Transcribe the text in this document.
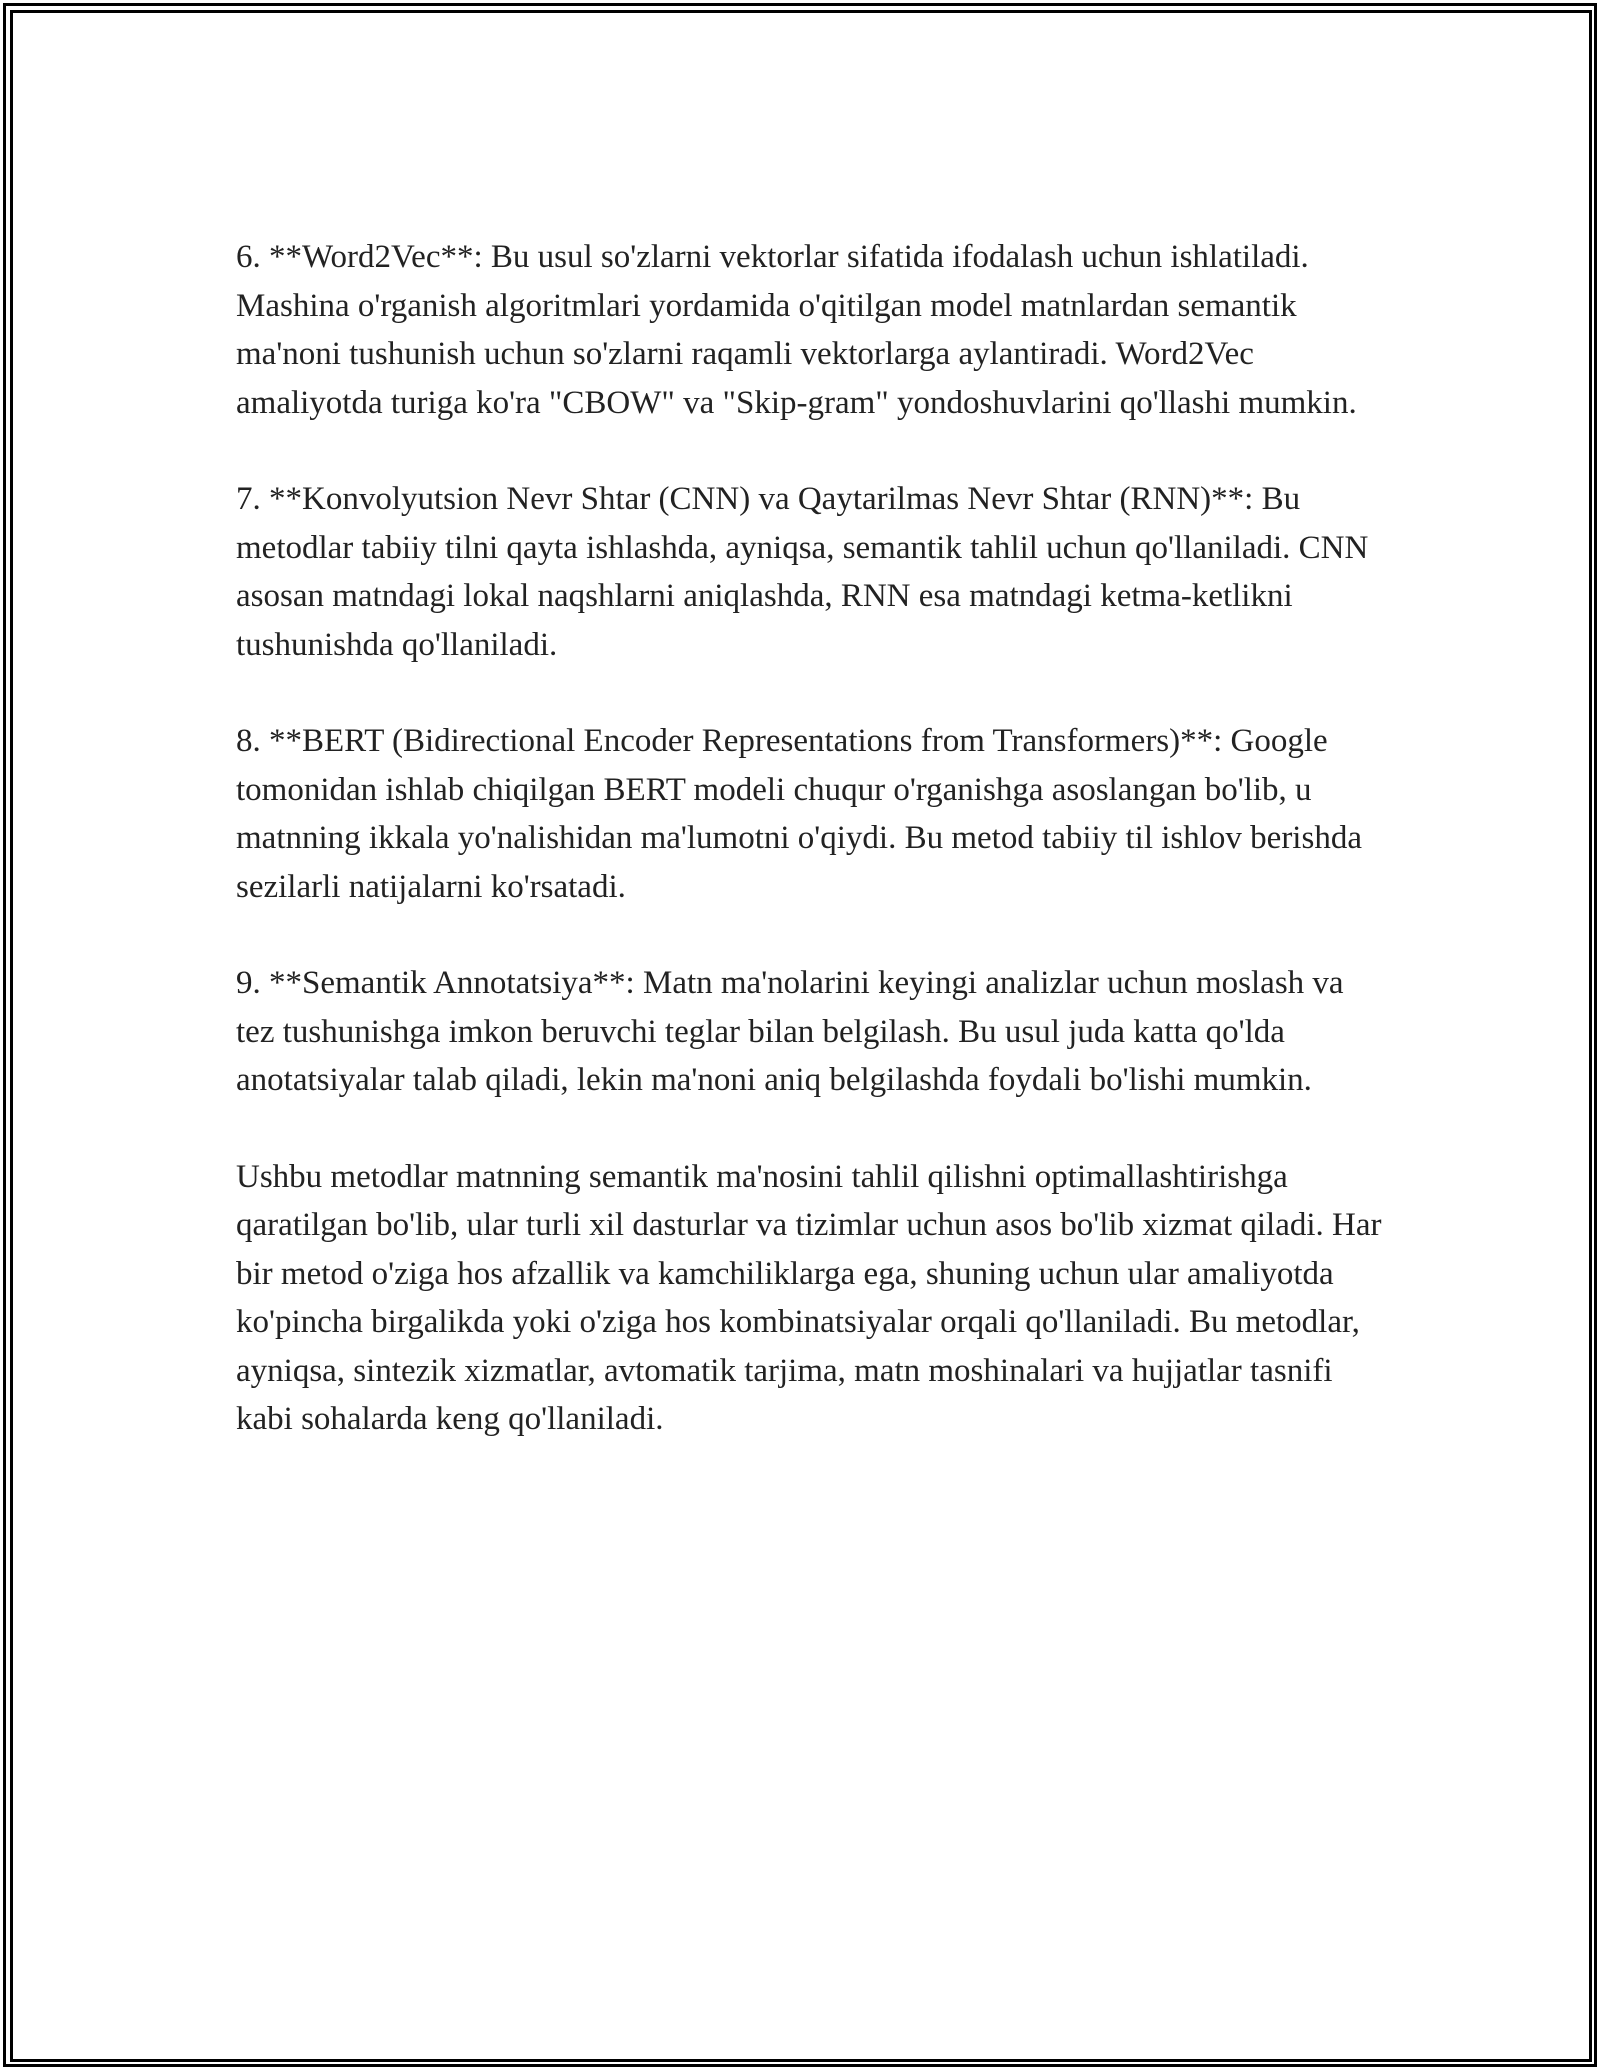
6. **Word2Vec**: Bu usul so'zlarni vektorlar sifatida ifodalash uchun ishlatiladi. Mashina o'rganish algoritmlari yordamida o'qitilgan model matnlardan semantik ma'noni tushunish uchun so'zlarni raqamli vektorlarga aylantiradi. Word2Vec amaliyotda turiga ko'ra "CBOW" va "Skip-gram" yondoshuvlarini qo'llashi mumkin.

7. **Konvolyutsion Nevr Shtar (CNN) va Qaytarilmas Nevr Shtar (RNN)**: Bu metodlar tabiiy tilni qayta ishlashda, ayniqsa, semantik tahlil uchun qo'llaniladi. CNN asosan matndagi lokal naqshlarni aniqlashda, RNN esa matndagi ketma-ketlikni tushunishda qo'llaniladi.

8. **BERT (Bidirectional Encoder Representations from Transformers)**: Google tomonidan ishlab chiqilgan BERT modeli chuqur o'rganishga asoslangan bo'lib, u matnning ikkala yo'nalishidan ma'lumotni o'qiydi. Bu metod tabiiy til ishlov berishda sezilarli natijalarni ko'rsatadi.

9. **Semantik Annotatsiya**: Matn ma'nolarini keyingi analizlar uchun moslash va tez tushunishga imkon beruvchi teglar bilan belgilash. Bu usul juda katta qo'lda anotatsiyalar talab qiladi, lekin ma'noni aniq belgilashda foydali bo'lishi mumkin.

Ushbu metodlar matnning semantik ma'nosini tahlil qilishni optimallashtirishga qaratilgan bo'lib, ular turli xil dasturlar va tizimlar uchun asos bo'lib xizmat qiladi. Har bir metod o'ziga hos afzallik va kamchiliklarga ega, shuning uchun ular amaliyotda ko'pincha birgalikda yoki o'ziga hos kombinatsiyalar orqali qo'llaniladi. Bu metodlar, ayniqsa, sintezik xizmatlar, avtomatik tarjima, matn moshinalari va hujjatlar tasnifi kabi sohalarda keng qo'llaniladi.
